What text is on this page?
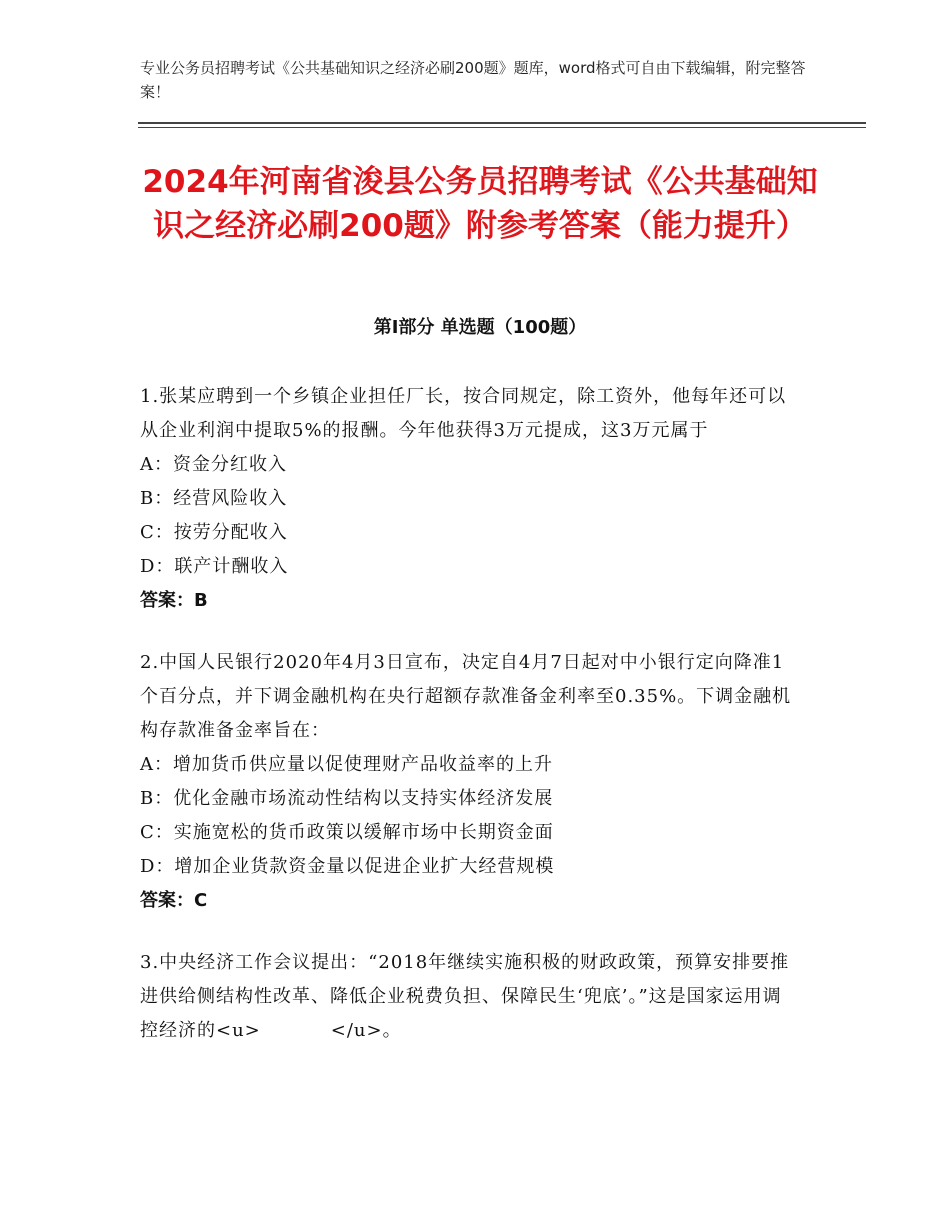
专业公务员招聘考试《公共基础知识之经济必刷200题》题库，word格式可自由下载编辑，附完整答案！
2024年河南省浚县公务员招聘考试《公共基础知识之经济必刷200题》附参考答案（能力提升）
第Ⅰ部分 单选题（100题）
1.张某应聘到一个乡镇企业担任厂长，按合同规定，除工资外，他每年还可以从企业利润中提取5%的报酬。今年他获得3万元提成，这3万元属于
A：资金分红收入
B：经营风险收入
C：按劳分配收入
D：联产计酬收入
答案：B
2.中国人民银行2020年4月3日宣布，决定自4月7日起对中小银行定向降准1个百分点，并下调金融机构在央行超额存款准备金利率至0.35%。下调金融机构存款准备金率旨在：
A：增加货币供应量以促使理财产品收益率的上升
B：优化金融市场流动性结构以支持实体经济发展
C：实施宽松的货币政策以缓解市场中长期资金面
D：增加企业货款资金量以促进企业扩大经营规模
答案：C
3.中央经济工作会议提出：“2018年继续实施积极的财政政策，预算安排要推进供给侧结构性改革、降低企业税费负担、保障民生‘兜底’。”这是国家运用调控经济的<u>	</u>。
